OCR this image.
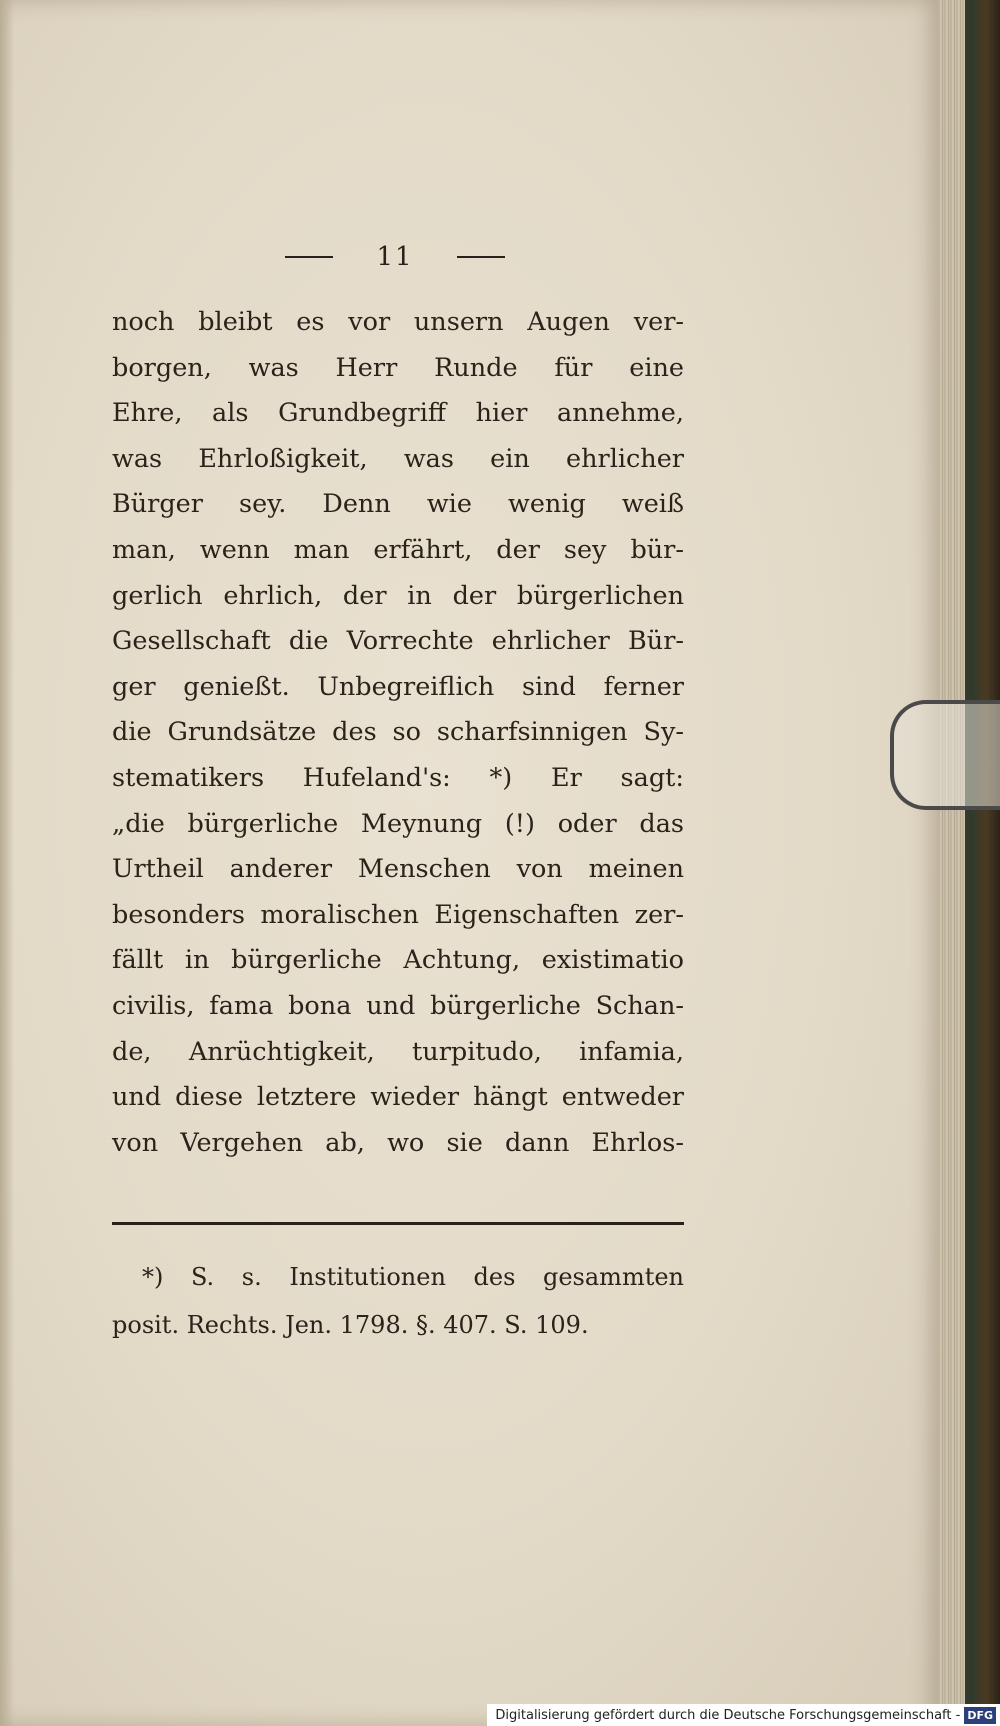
11
noch bleibt es vor unsern Augen ver-
borgen, was Herr Runde für eine
Ehre, als Grundbegriff hier annehme,
was Ehrloßigkeit, was ein ehrlicher
Bürger sey. Denn wie wenig weiß
man, wenn man erfährt, der sey bür-
gerlich ehrlich, der in der bürgerlichen
Gesellschaft die Vorrechte ehrlicher Bür-
ger genießt. Unbegreiflich sind ferner
die Grundsätze des so scharfsinnigen Sy-
stematikers Hufeland's: *) Er sagt:
„die bürgerliche Meynung (!) oder das
Urtheil anderer Menschen von meinen
besonders moralischen Eigenschaften zer-
fällt in bürgerliche Achtung, existimatio
civilis, fama bona und bürgerliche Schan-
de, Anrüchtigkeit, turpitudo, infamia,
und diese letztere wieder hängt entweder
von Vergehen ab, wo sie dann Ehrlos-
*) S. s. Institutionen des gesammten
posit. Rechts. Jen. 1798. §. 407. S. 109.
Digitalisierung gefördert durch die Deutsche Forschungsgemeinschaft - DFG
